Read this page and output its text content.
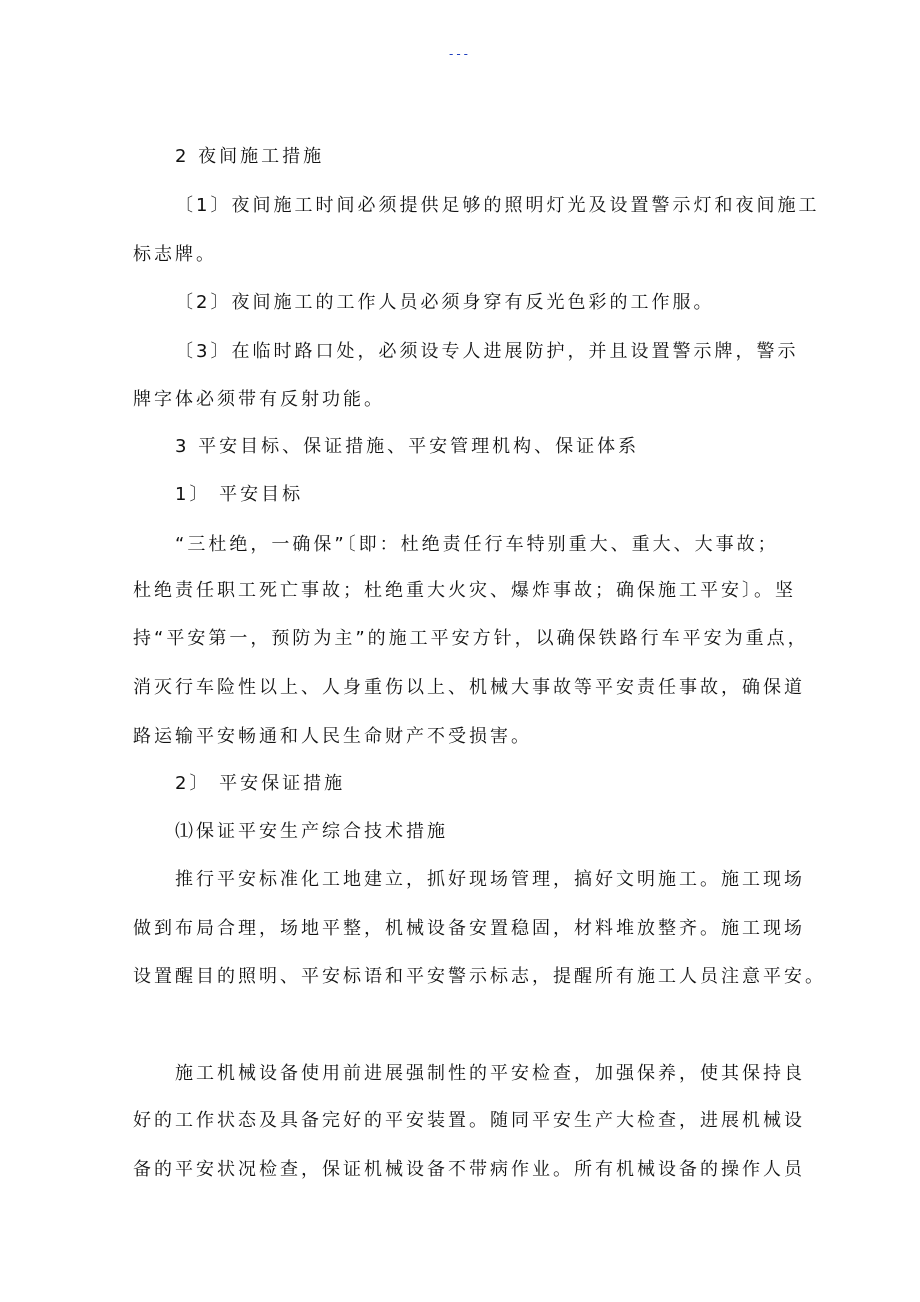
---

2 夜间施工措施

〔1〕夜间施工时间必须提供足够的照明灯光及设置警示灯和夜间施工

标志牌。

〔2〕夜间施工的工作人员必须身穿有反光色彩的工作服。

〔3〕在临时路口处，必须设专人进展防护，并且设置警示牌，警示

牌字体必须带有反射功能。

3 平安目标、保证措施、平安管理机构、保证体系

1〕 平安目标

“三杜绝，一确保”〔即：杜绝责任行车特别重大、重大、大事故；

杜绝责任职工死亡事故；杜绝重大火灾、爆炸事故；确保施工平安〕。坚

持“平安第一，预防为主”的施工平安方针，以确保铁路行车平安为重点，

消灭行车险性以上、人身重伤以上、机械大事故等平安责任事故，确保道

路运输平安畅通和人民生命财产不受损害。

2〕 平安保证措施

⑴保证平安生产综合技术措施

推行平安标准化工地建立，抓好现场管理，搞好文明施工。施工现场

做到布局合理，场地平整，机械设备安置稳固，材料堆放整齐。施工现场

设置醒目的照明、平安标语和平安警示标志，提醒所有施工人员注意平安。

施工机械设备使用前进展强制性的平安检查，加强保养，使其保持良

好的工作状态及具备完好的平安装置。随同平安生产大检查，进展机械设

备的平安状况检查，保证机械设备不带病作业。所有机械设备的操作人员
